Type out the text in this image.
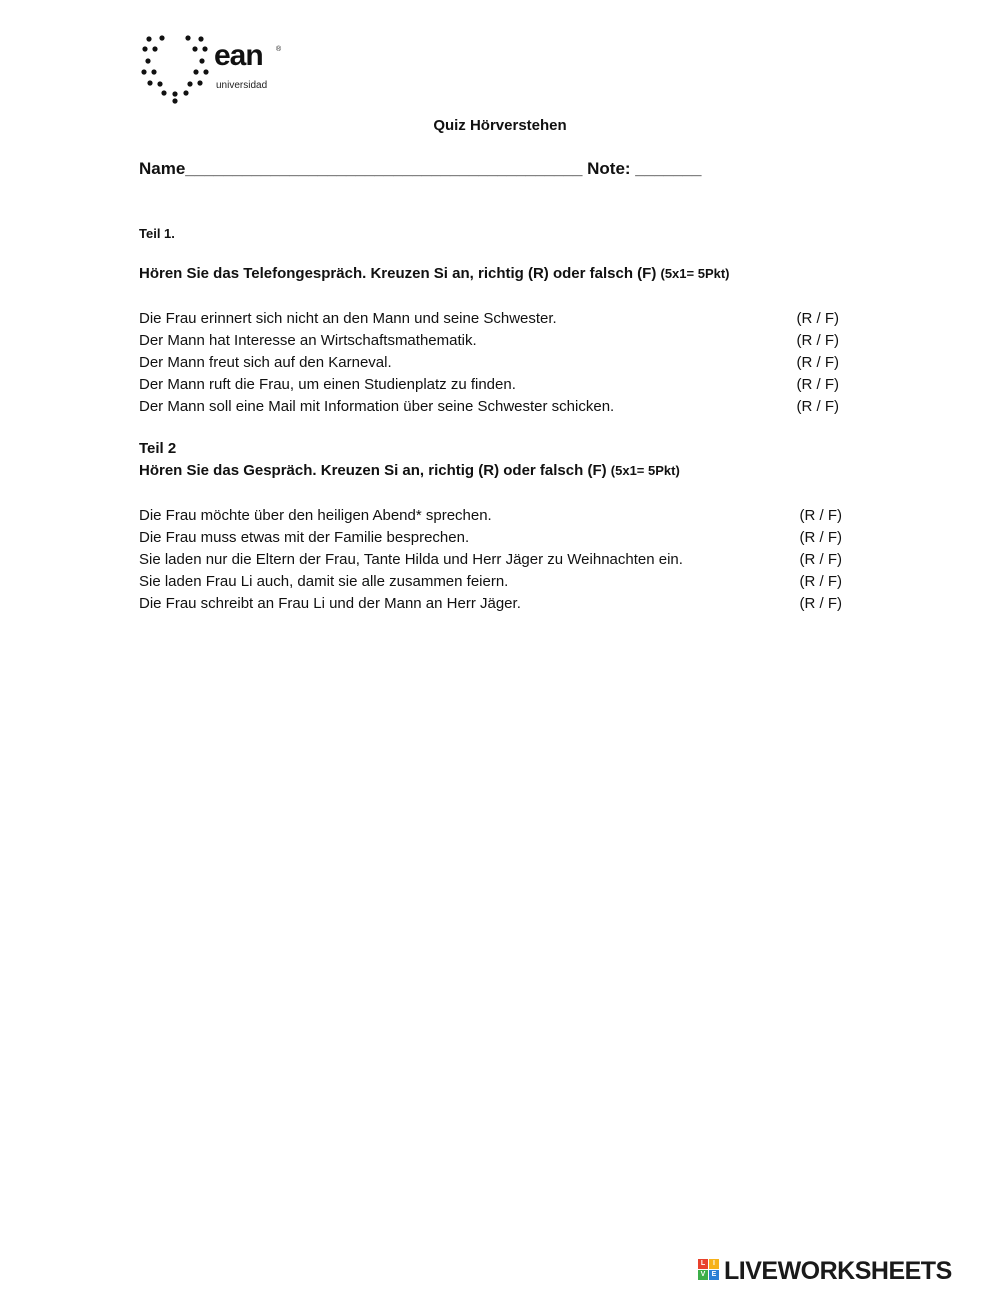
ean ®
universidad
Quiz Hörverstehen
Name__________________________________________ Note: _______
Teil 1.
Hören Sie das Telefongespräch. Kreuzen Si an, richtig (R) oder falsch (F) (5x1= 5Pkt)
Die Frau erinnert sich nicht an den Mann und seine Schwester.	(R / F)
Der Mann hat Interesse an Wirtschaftsmathematik.	(R / F)
Der Mann freut sich auf den Karneval.	(R / F)
Der Mann ruft die Frau, um einen Studienplatz zu finden.	(R / F)
Der Mann soll eine Mail mit Information über seine Schwester schicken.	(R / F)
Teil 2
Hören Sie das Gespräch. Kreuzen Si an, richtig (R) oder falsch (F) (5x1= 5Pkt)
Die Frau möchte über den heiligen Abend* sprechen.	(R / F)
Die Frau muss etwas mit der Familie besprechen.	(R / F)
Sie laden nur die Eltern der Frau, Tante Hilda und Herr Jäger zu Weihnachten ein.	(R / F)
Sie laden Frau Li auch, damit sie alle zusammen feiern.	(R / F)
Die Frau schreibt an Frau Li und der Mann an Herr Jäger.	(R / F)
L	I
V E LIVEWORKSHEETS
